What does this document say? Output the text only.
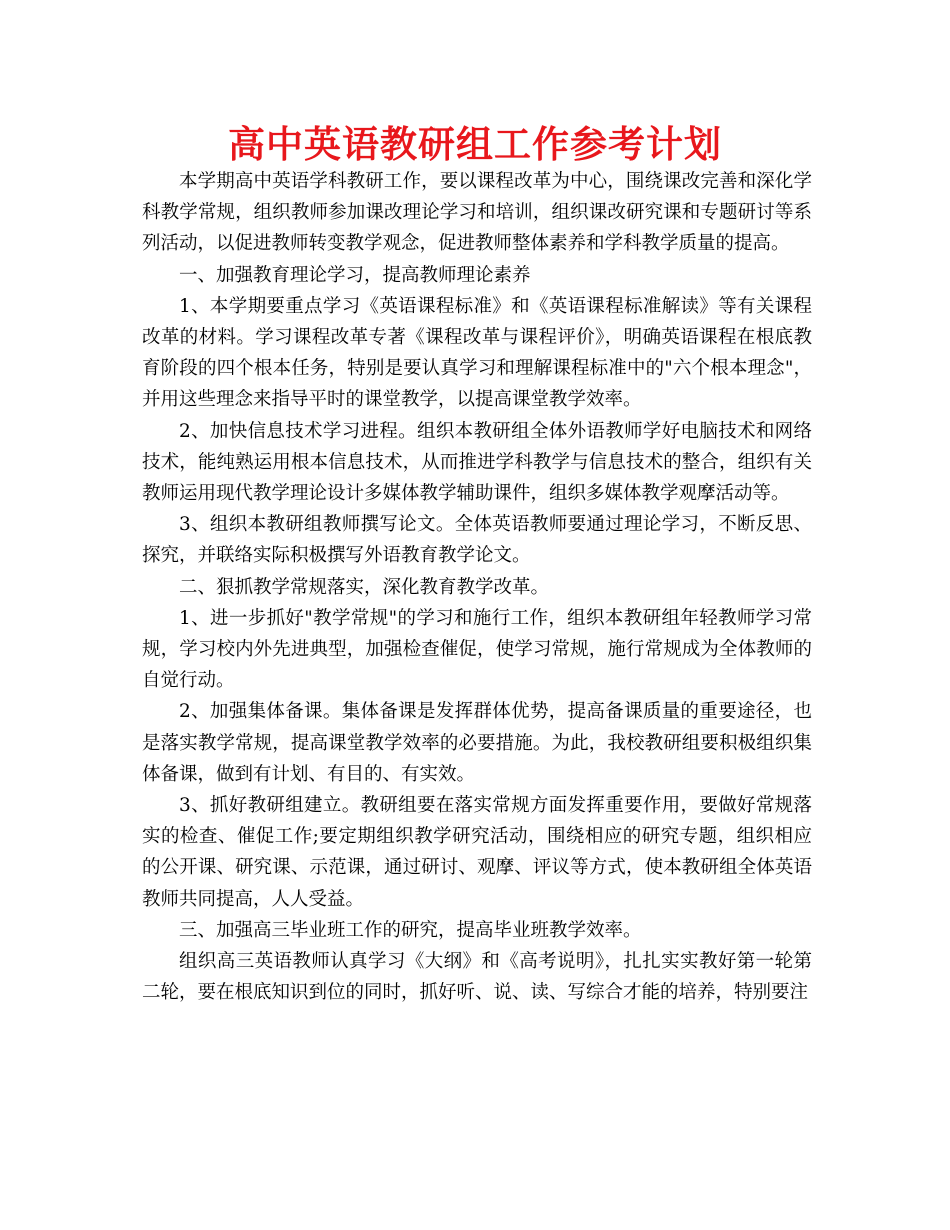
高中英语教研组工作参考计划

本学期高中英语学科教研工作，要以课程改革为中心，围绕课改完善和深化学科教学常规，组织教师参加课改理论学习和培训，组织课改研究课和专题研讨等系列活动，以促进教师转变教学观念，促进教师整体素养和学科教学质量的提高。

一、加强教育理论学习，提高教师理论素养

1、本学期要重点学习《英语课程标准》和《英语课程标准解读》等有关课程改革的材料。学习课程改革专著《课程改革与课程评价》，明确英语课程在根底教育阶段的四个根本任务，特别是要认真学习和理解课程标准中的"六个根本理念"，并用这些理念来指导平时的课堂教学，以提高课堂教学效率。

2、加快信息技术学习进程。组织本教研组全体外语教师学好电脑技术和网络技术，能纯熟运用根本信息技术，从而推进学科教学与信息技术的整合，组织有关教师运用现代教学理论设计多媒体教学辅助课件，组织多媒体教学观摩活动等。

3、组织本教研组教师撰写论文。全体英语教师要通过理论学习，不断反思、探究，并联络实际积极撰写外语教育教学论文。

二、狠抓教学常规落实，深化教育教学改革。

1、进一步抓好"教学常规"的学习和施行工作，组织本教研组年轻教师学习常规，学习校内外先进典型，加强检查催促，使学习常规，施行常规成为全体教师的自觉行动。

2、加强集体备课。集体备课是发挥群体优势，提高备课质量的重要途径，也是落实教学常规，提高课堂教学效率的必要措施。为此，我校教研组要积极组织集体备课，做到有计划、有目的、有实效。

3、抓好教研组建立。教研组要在落实常规方面发挥重要作用，要做好常规落实的检查、催促工作;要定期组织教学研究活动，围绕相应的研究专题，组织相应的公开课、研究课、示范课，通过研讨、观摩、评议等方式，使本教研组全体英语教师共同提高，人人受益。

三、加强高三毕业班工作的研究，提高毕业班教学效率。

组织高三英语教师认真学习《大纲》和《高考说明》，扎扎实实教好第一轮第二轮，要在根底知识到位的同时，抓好听、说、读、写综合才能的培养，特别要注
